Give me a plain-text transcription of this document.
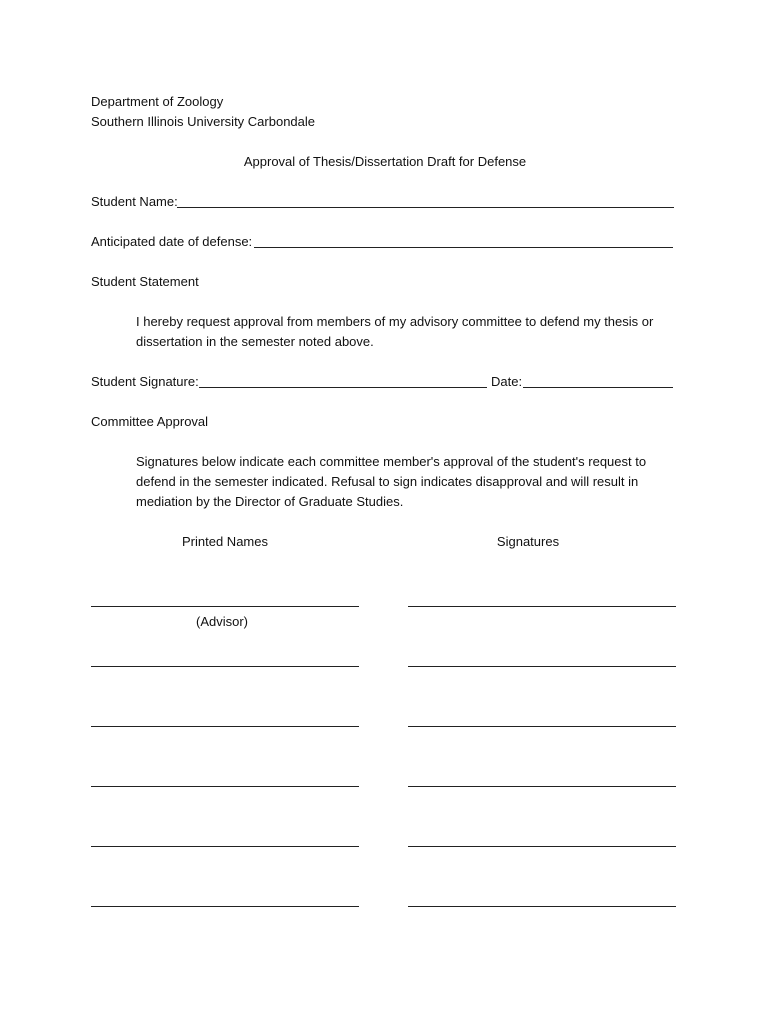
Department of Zoology
Southern Illinois University Carbondale
Approval of Thesis/Dissertation Draft for Defense
Student Name:
Anticipated date of defense:
Student Statement
I hereby request approval from members of my advisory committee to defend my thesis or dissertation in the semester noted above.
Student Signature:	Date:
Committee Approval
Signatures below indicate each committee member's approval of the student's request to defend in the semester indicated. Refusal to sign indicates disapproval and will result in mediation by the Director of Graduate Studies.
Printed Names	Signatures
(Advisor)
